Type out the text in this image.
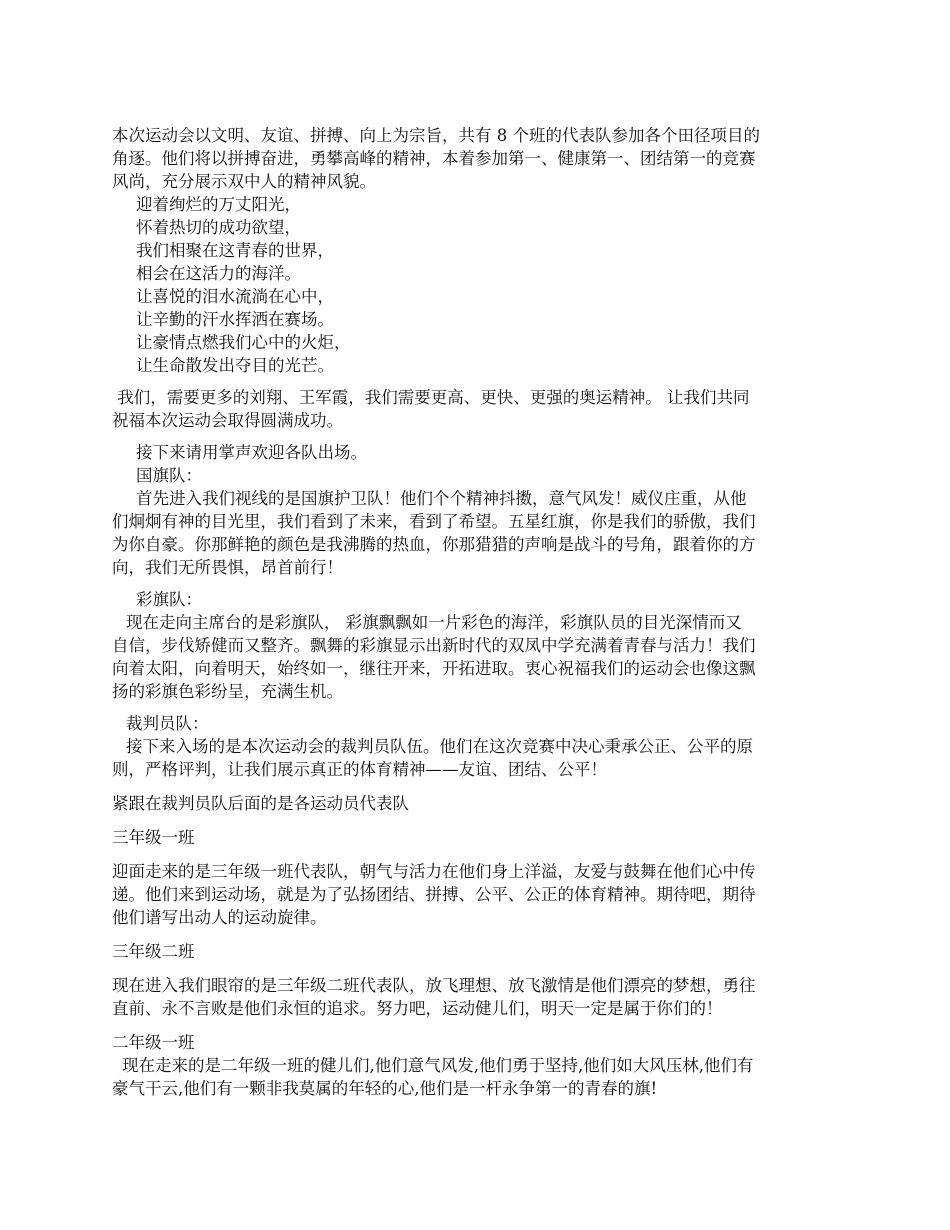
本次运动会以文明、友谊、拼搏、向上为宗旨，共有 8 个班的代表队参加各个田径项目的
角逐。他们将以拼搏奋进，勇攀高峰的精神，本着参加第一、健康第一、团结第一的竞赛
风尚，充分展示双中人的精神风貌。
迎着绚烂的万丈阳光，
怀着热切的成功欲望，
我们相聚在这青春的世界，
相会在这活力的海洋。
让喜悦的泪水流淌在心中，
让辛勤的汗水挥洒在赛场。
让豪情点燃我们心中的火炬，
让生命散发出夺目的光芒。
我们，需要更多的刘翔、王军霞，我们需要更高、更快、更强的奥运精神。 让我们共同
祝福本次运动会取得圆满成功。
接下来请用掌声欢迎各队出场。
国旗队：
首先进入我们视线的是国旗护卫队！他们个个精神抖擞，意气风发！威仪庄重，从他
们炯炯有神的目光里，我们看到了未来，看到了希望。五星红旗，你是我们的骄傲，我们
为你自豪。你那鲜艳的颜色是我沸腾的热血，你那猎猎的声响是战斗的号角，跟着你的方
向，我们无所畏惧，昂首前行！
彩旗队：
现在走向主席台的是彩旗队， 彩旗飘飘如一片彩色的海洋，彩旗队员的目光深情而又
自信，步伐矫健而又整齐。飘舞的彩旗显示出新时代的双凤中学充满着青春与活力！我们
向着太阳，向着明天，始终如一，继往开来，开拓进取。衷心祝福我们的运动会也像这飘
扬的彩旗色彩纷呈，充满生机。
裁判员队：
接下来入场的是本次运动会的裁判员队伍。他们在这次竞赛中决心秉承公正、公平的原
则，严格评判，让我们展示真正的体育精神——友谊、团结、公平！
紧跟在裁判员队后面的是各运动员代表队
三年级一班
迎面走来的是三年级一班代表队，朝气与活力在他们身上洋溢，友爱与鼓舞在他们心中传
递。他们来到运动场，就是为了弘扬团结、拼搏、公平、公正的体育精神。期待吧，期待
他们谱写出动人的运动旋律。
三年级二班
现在进入我们眼帘的是三年级二班代表队，放飞理想、放飞激情是他们漂亮的梦想，勇往
直前、永不言败是他们永恒的追求。努力吧，运动健儿们，明天一定是属于你们的！
二年级一班
现在走来的是二年级一班的健儿们,他们意气风发,他们勇于坚持,他们如大风压林,他们有
豪气干云,他们有一颗非我莫属的年轻的心,他们是一杆永争第一的青春的旗!
